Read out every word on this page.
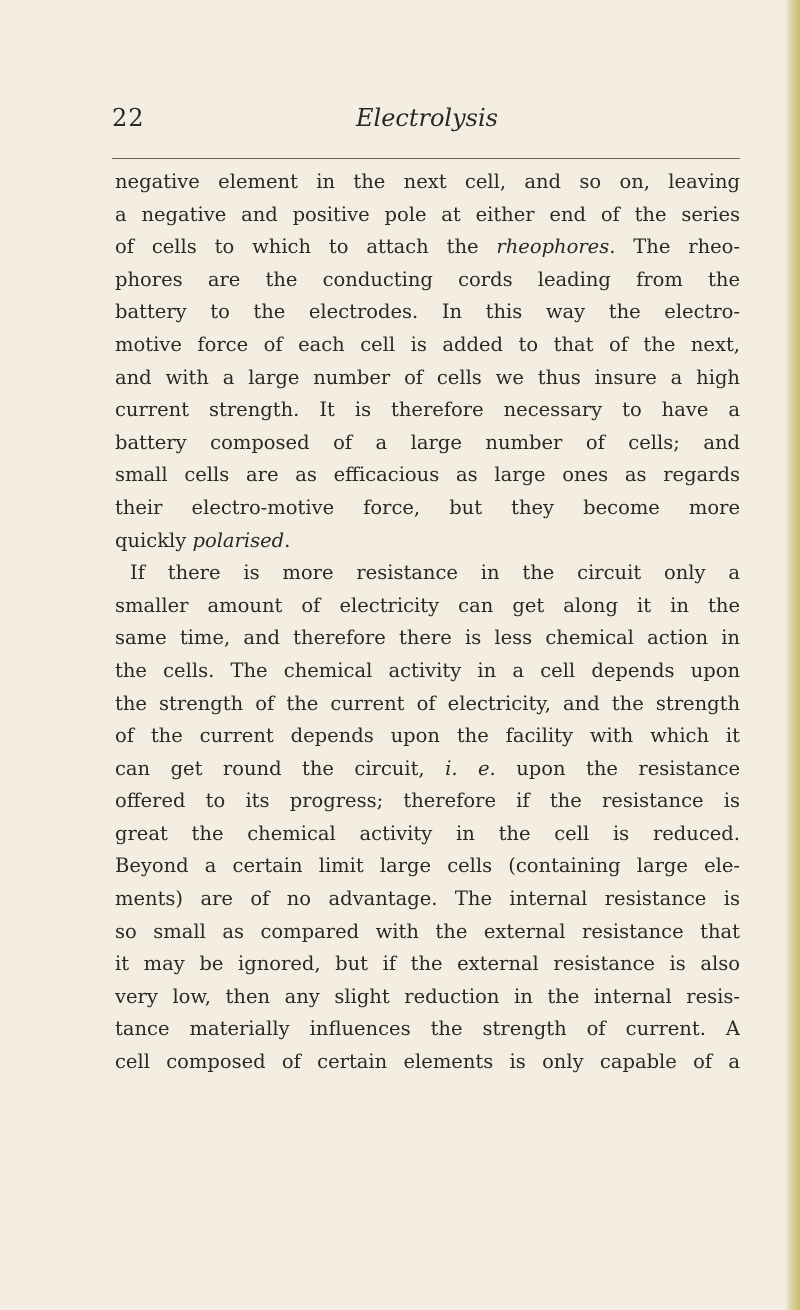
22	Electrolysis
negative element in the next cell, and so on, leaving
a negative and positive pole at either end of the series
of cells to which to attach the rheophores. The rheo-
phores are the conducting cords leading from the
battery to the electrodes. In this way the electro-
motive force of each cell is added to that of the next,
and with a large number of cells we thus insure a high
current strength. It is therefore necessary to have a
battery composed of a large number of cells; and
small cells are as efficacious as large ones as regards
their electro-motive force, but they become more
quickly polarised.
If there is more resistance in the circuit only a
smaller amount of electricity can get along it in the
same time, and therefore there is less chemical action in
the cells. The chemical activity in a cell depends upon
the strength of the current of electricity, and the strength
of the current depends upon the facility with which it
can get round the circuit, i. e. upon the resistance
offered to its progress; therefore if the resistance is
great the chemical activity in the cell is reduced.
Beyond a certain limit large cells (containing large ele-
ments) are of no advantage. The internal resistance is
so small as compared with the external resistance that
it may be ignored, but if the external resistance is also
very low, then any slight reduction in the internal resis-
tance materially influences the strength of current. A
cell composed of certain elements is only capable of a
